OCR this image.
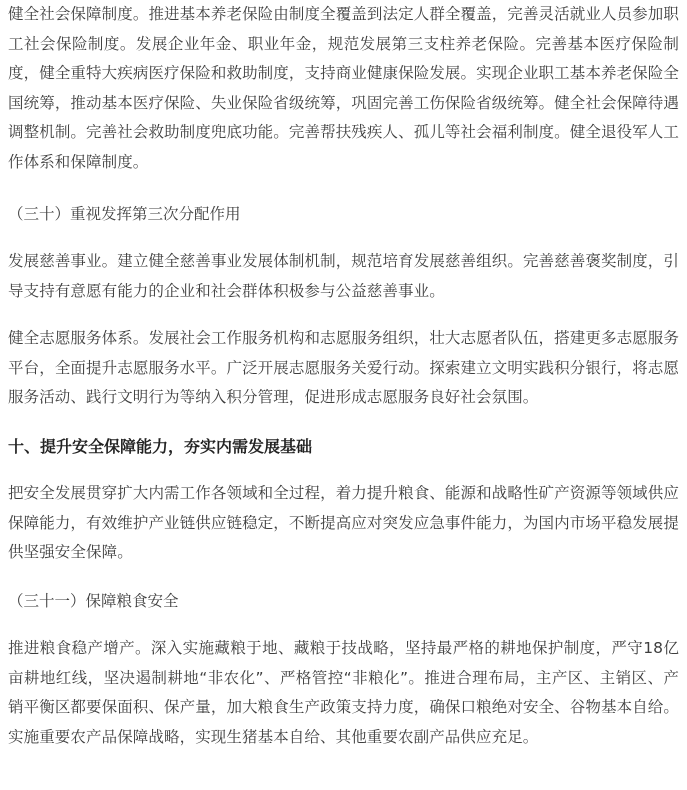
健全社会保障制度。推进基本养老保险由制度全覆盖到法定人群全覆盖，完善灵活就业人员参加职工社会保险制度。发展企业年金、职业年金，规范发展第三支柱养老保险。完善基本医疗保险制度，健全重特大疾病医疗保险和救助制度，支持商业健康保险发展。实现企业职工基本养老保险全国统筹，推动基本医疗保险、失业保险省级统筹，巩固完善工伤保险省级统筹。健全社会保障待遇调整机制。完善社会救助制度兜底功能。完善帮扶残疾人、孤儿等社会福利制度。健全退役军人工作体系和保障制度。

（三十）重视发挥第三次分配作用

发展慈善事业。建立健全慈善事业发展体制机制，规范培育发展慈善组织。完善慈善褒奖制度，引导支持有意愿有能力的企业和社会群体积极参与公益慈善事业。

健全志愿服务体系。发展社会工作服务机构和志愿服务组织，壮大志愿者队伍，搭建更多志愿服务平台，全面提升志愿服务水平。广泛开展志愿服务关爱行动。探索建立文明实践积分银行，将志愿服务活动、践行文明行为等纳入积分管理，促进形成志愿服务良好社会氛围。

十、提升安全保障能力，夯实内需发展基础

把安全发展贯穿扩大内需工作各领域和全过程，着力提升粮食、能源和战略性矿产资源等领域供应保障能力，有效维护产业链供应链稳定，不断提高应对突发应急事件能力，为国内市场平稳发展提供坚强安全保障。

（三十一）保障粮食安全

推进粮食稳产增产。深入实施藏粮于地、藏粮于技战略，坚持最严格的耕地保护制度，严守18亿亩耕地红线，坚决遏制耕地“非农化”、严格管控“非粮化”。推进合理布局，主产区、主销区、产销平衡区都要保面积、保产量，加大粮食生产政策支持力度，确保口粮绝对安全、谷物基本自给。实施重要农产品保障战略，实现生猪基本自给、其他重要农副产品供应充足。
